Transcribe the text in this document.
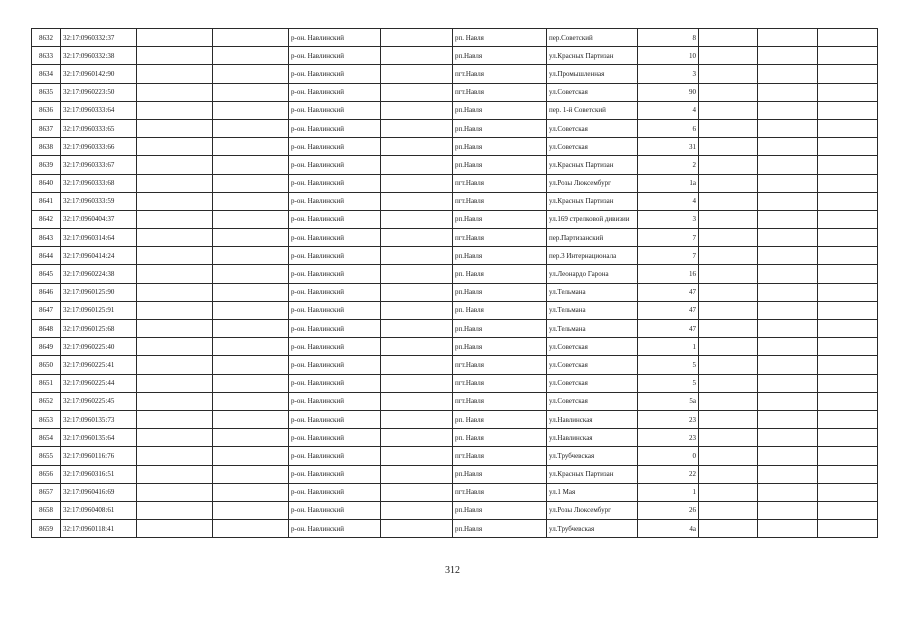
8632	32:17:0960332:37			р-он. Навлинский		рп. Навля	пер.Советский	8			
8633	32:17:0960332:38			р-он. Навлинский		рп.Навля	ул.Красных Партизан	10			
8634	32:17:0960142:90			р-он. Навлинский		пгт.Навля	ул.Промышленная	3			
8635	32:17:0960223:50			р-он. Навлинский		пгт.Навля	ул.Советская	90			
8636	32:17:0960333:64			р-он. Навлинский		рп.Навля	пер. 1-й Советский	4			
8637	32:17:0960333:65			р-он. Навлинский		рп.Навля	ул.Советская	6			
8638	32:17:0960333:66			р-он. Навлинский		рп.Навля	ул.Советская	31			
8639	32:17:0960333:67			р-он. Навлинский		рп.Навля	ул.Красных Партизан	2			
8640	32:17:0960333:68			р-он. Навлинский		пгт.Навля	ул.Розы Люксембург	1а			
8641	32:17:0960333:59			р-он. Навлинский		пгт.Навля	ул.Красных Партизан	4			
8642	32:17:0960404:37			р-он. Навлинский		рп.Навля	ул.169 стрелковой дивизии	3			
8643	32:17:0960314:64			р-он. Навлинский		пгт.Навля	пер.Партизанский	7			
8644	32:17:0960414:24			р-он. Навлинский		рп.Навля	пер.3 Интернационала	7			
8645	32:17:0960224:38			р-он. Навлинский		рп. Навля	ул.Леонардо Гарона	16			
8646	32:17:0960125:90			р-он. Навлинский		рп.Навля	ул.Тельмана	47			
8647	32:17:0960125:91			р-он. Навлинский		рп. Навля	ул.Тельмана	47			
8648	32:17:0960125:68			р-он. Навлинский		рп.Навля	ул.Тельмана	47			
8649	32:17:0960225:40			р-он. Навлинский		рп.Навля	ул.Советская	1			
8650	32:17:0960225:41			р-он. Навлинский		пгт.Навля	ул.Советская	5			
8651	32:17:0960225:44			р-он. Навлинский		пгт.Навля	ул.Советская	5			
8652	32:17:0960225:45			р-он. Навлинский		пгт.Навля	ул.Советская	5а			
8653	32:17:0960135:73			р-он. Навлинский		рп. Навля	ул.Навлинская	23			
8654	32:17:0960135:64			р-он. Навлинский		рп. Навля	ул.Навлинская	23			
8655	32:17:0960116:76			р-он. Навлинский		пгт.Навля	ул.Трубчевская	0			
8656	32:17:0960316:51			р-он. Навлинский		рп.Навля	ул.Красных Партизан	22			
8657	32:17:0960416:69			р-он. Навлинский		пгт.Навля	ул.1 Мая	1			
8658	32:17:0960408:61			р-он. Навлинский		рп.Навля	ул.Розы Люксембург	26			
8659	32:17:0960118:41			р-он. Навлинский		рп.Навля	ул.Трубчевская	4а			
312
